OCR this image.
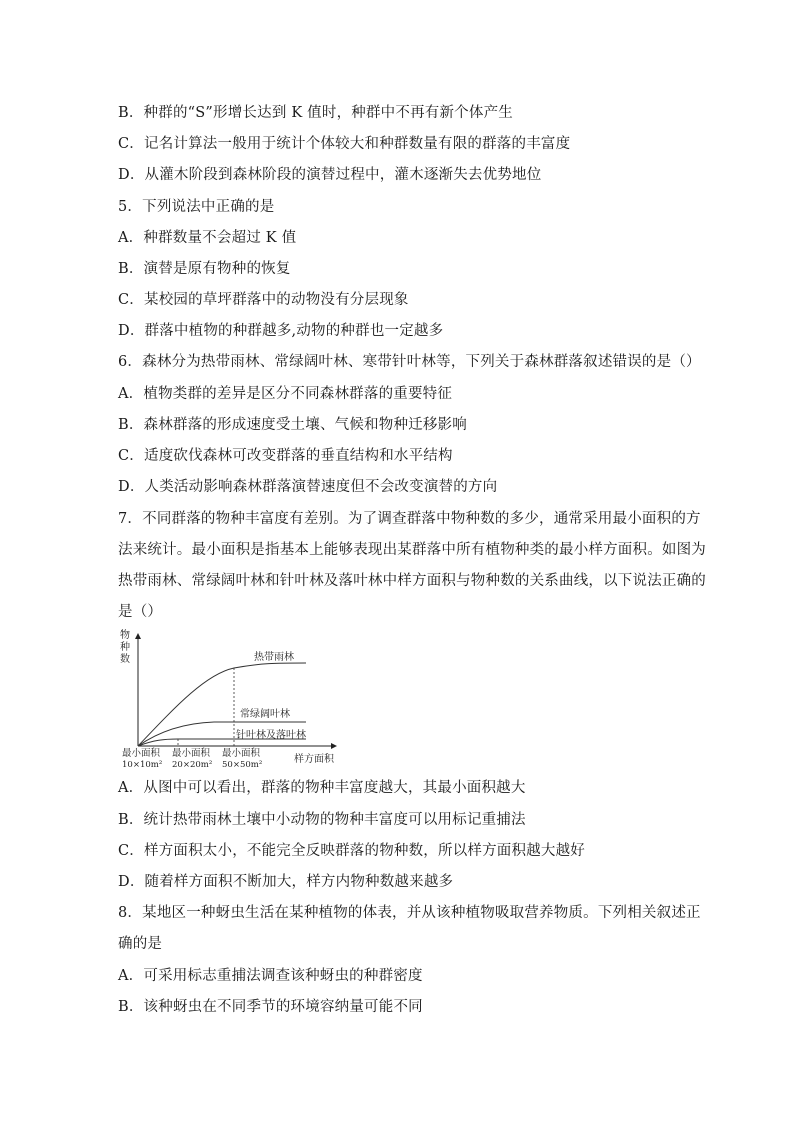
B．种群的“S”形增长达到 K 值时，种群中不再有新个体产生
C．记名计算法一般用于统计个体较大和种群数量有限的群落的丰富度
D．从灌木阶段到森林阶段的演替过程中，灌木逐渐失去优势地位
5．下列说法中正确的是
A．种群数量不会超过 K 值
B．演替是原有物种的恢复
C．某校园的草坪群落中的动物没有分层现象
D．群落中植物的种群越多,动物的种群也一定越多
6．森林分为热带雨林、常绿阔叶林、寒带针叶林等，下列关于森林群落叙述错误的是（）
A．植物类群的差异是区分不同森林群落的重要特征
B．森林群落的形成速度受土壤、气候和物种迁移影响
C．适度砍伐森林可改变群落的垂直结构和水平结构
D．人类活动影响森林群落演替速度但不会改变演替的方向
7．不同群落的物种丰富度有差别。为了调查群落中物种数的多少，通常采用最小面积的方
法来统计。最小面积是指基本上能够表现出某群落中所有植物种类的最小样方面积。如图为
热带雨林、常绿阔叶林和针叶林及落叶林中样方面积与物种数的关系曲线，以下说法正确的
是（）
A．从图中可以看出，群落的物种丰富度越大，其最小面积越大
B．统计热带雨林土壤中小动物的物种丰富度可以用标记重捕法
C．样方面积太小，不能完全反映群落的物种数，所以样方面积越大越好
D．随着样方面积不断加大，样方内物种数越来越多
8．某地区一种蚜虫生活在某种植物的体表，并从该种植物吸取营养物质。下列相关叙述正
确的是
A．可采用标志重捕法调查该种蚜虫的种群密度
B．该种蚜虫在不同季节的环境容纳量可能不同
物
种
数	热带雨林
常绿阔叶林
针叶林及落叶林
最小面积
10×10m²
最小面积
20×20m²
最小面积
50×50m²	样方面积
